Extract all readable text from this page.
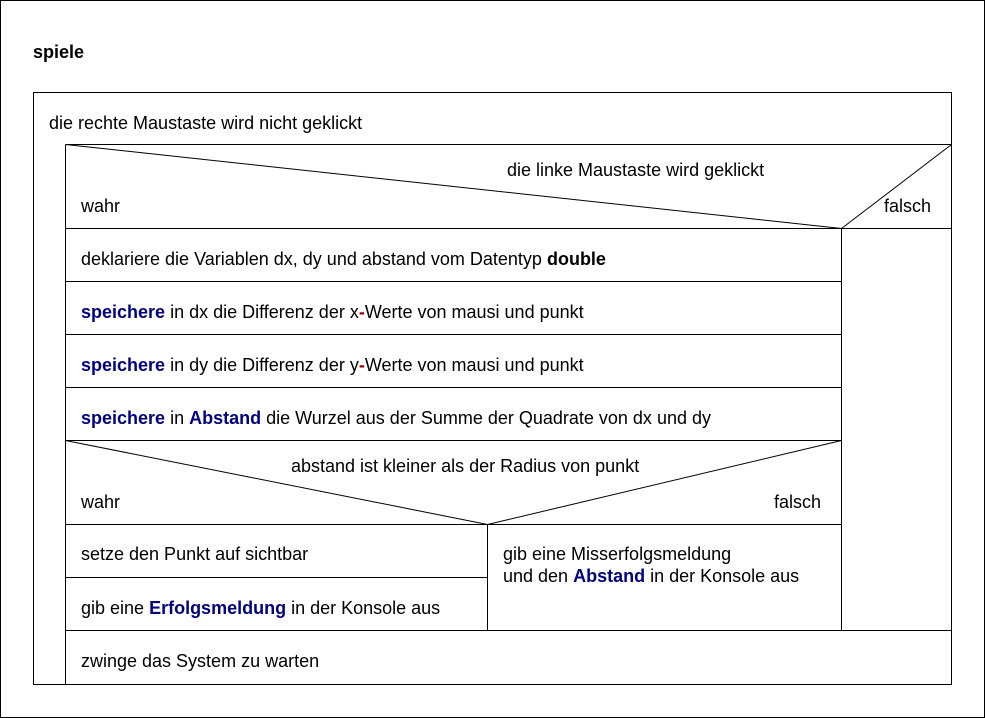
spiele
die rechte Maustaste wird nicht geklickt
die linke Maustaste wird geklickt
wahr	falsch
deklariere die Variablen dx, dy und abstand vom Datentyp double
speichere in dx die Differenz der x-Werte von mausi und punkt
speichere in dy die Differenz der y-Werte von mausi und punkt
speichere in Abstand die Wurzel aus der Summe der Quadrate von dx und dy
abstand ist kleiner als der Radius von punkt
wahr	falsch
setze den Punkt auf sichtbar
gib eine Erfolgsmeldung in der Konsole aus
gib eine Misserfolgsmeldung
und den Abstand in der Konsole aus
zwinge das System zu warten
